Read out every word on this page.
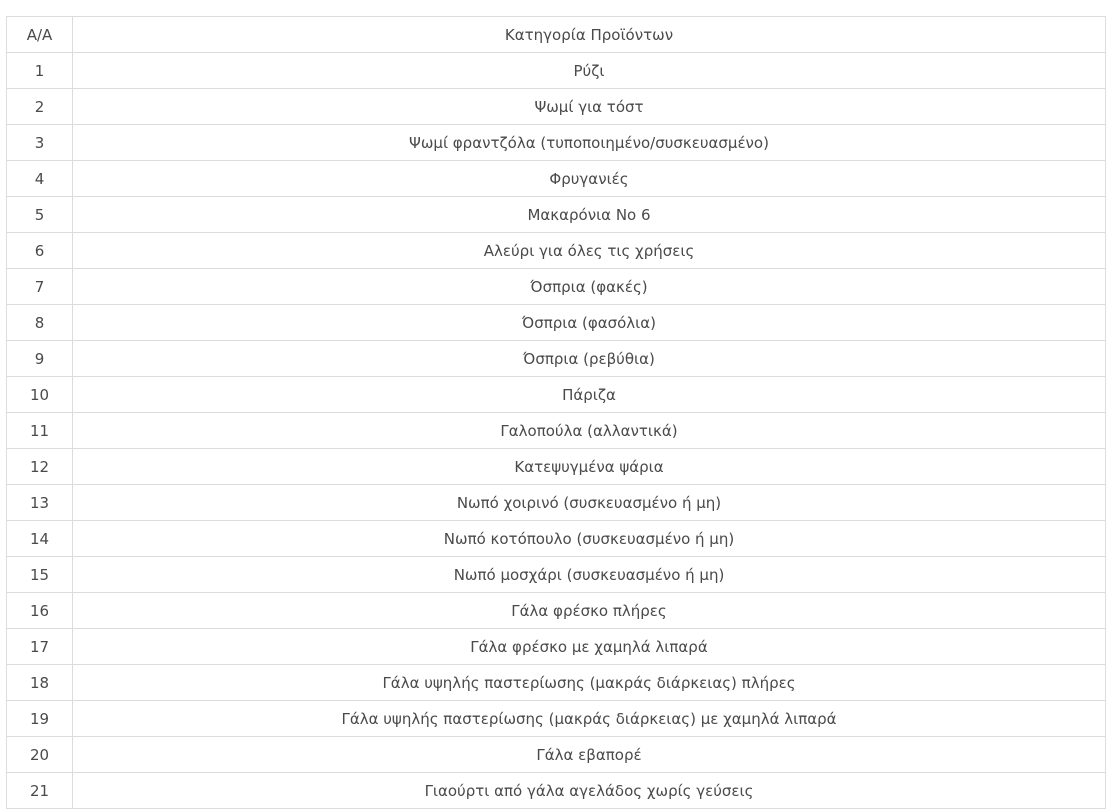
Α/Α	Κατηγορία Προϊόντων
1	Ρύζι
2	Ψωμί για τόστ
3	Ψωμί φραντζόλα (τυποποιημένο/συσκευασμένο)
4	Φρυγανιές
5	Μακαρόνια Νο 6
6	Αλεύρι για όλες τις χρήσεις
7	Όσπρια (φακές)
8	Όσπρια (φασόλια)
9	Όσπρια (ρεβύθια)
10	Πάριζα
11	Γαλοπούλα (αλλαντικά)
12	Κατεψυγμένα ψάρια
13	Νωπό χοιρινό (συσκευασμένο ή μη)
14	Νωπό κοτόπουλο (συσκευασμένο ή μη)
15	Νωπό μοσχάρι (συσκευασμένο ή μη)
16	Γάλα φρέσκο πλήρες
17	Γάλα φρέσκο με χαμηλά λιπαρά
18	Γάλα υψηλής παστερίωσης (μακράς διάρκειας) πλήρες
19	Γάλα υψηλής παστερίωσης (μακράς διάρκειας) με χαμηλά λιπαρά
20	Γάλα εβαπορέ
21	Γιαούρτι από γάλα αγελάδος χωρίς γεύσεις
